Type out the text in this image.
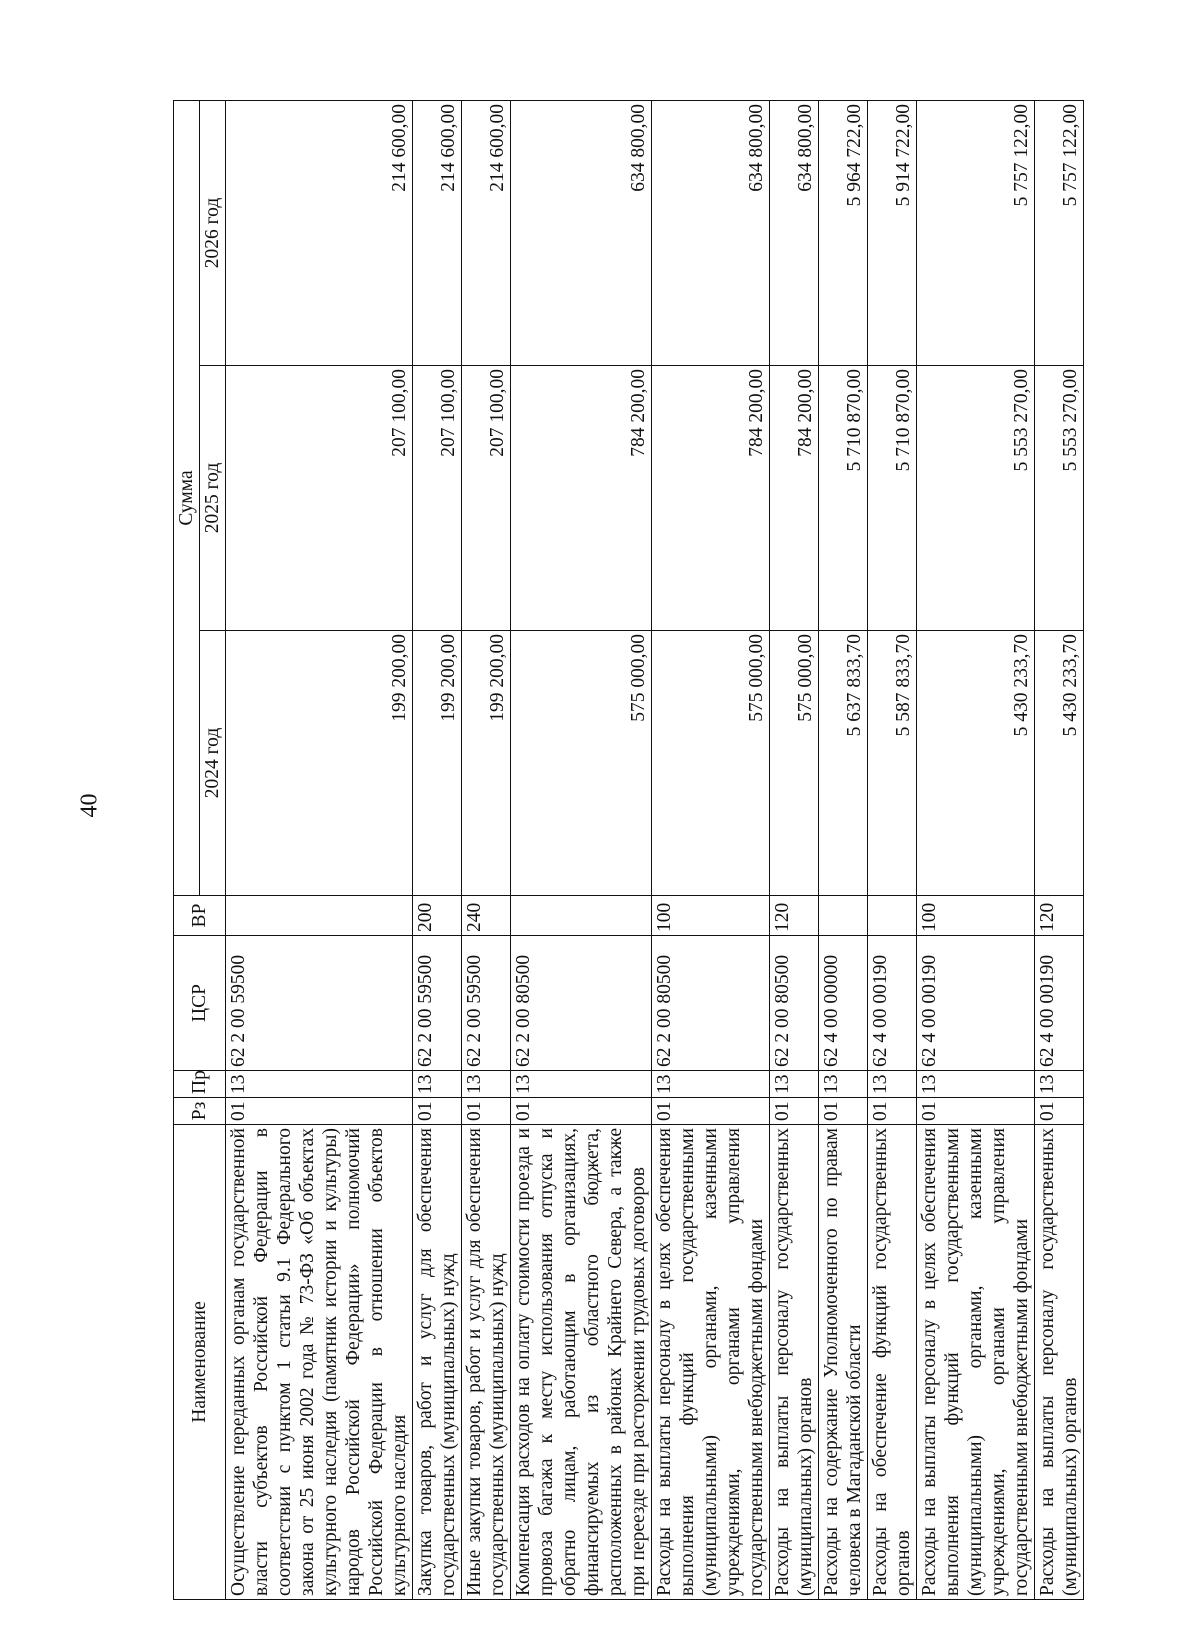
40
Наименование	Рз	Пр	ЦСР	ВР	Сумма		
					2024 год	2025 год	2026 год
Осуществление переданных органам государственной власти субъектов Российской Федерации в соответствии с пунктом 1 статьи 9.1 Федерального закона от 25 июня 2002 года № 73-ФЗ «Об объектах культурного наследия (памятник истории и культуры) народов Российской Федерации» полномочий Российской Федерации в отношении объектов культурного наследия	01	13	62 2 00 59500		199 200,00	207 100,00	214 600,00
Закупка товаров, работ и услуг для обеспечения государственных (муниципальных) нужд	01	13	62 2 00 59500	200	199 200,00	207 100,00	214 600,00
Иные закупки товаров, работ и услуг для обеспечения государственных (муниципальных) нужд	01	13	62 2 00 59500	240	199 200,00	207 100,00	214 600,00
Компенсация расходов на оплату стоимости проезда и провоза багажа к месту использования отпуска и обратно лицам, работающим в организациях, финансируемых из областного бюджета, расположенных в районах Крайнего Севера, а также при переезде при расторжении трудовых договоров	01	13	62 2 00 80500		575 000,00	784 200,00	634 800,00
Расходы на выплаты персоналу в целях обеспечения выполнения функций государственными (муниципальными) органами, казенными учреждениями, органами управления государственными внебюджетными фондами	01	13	62 2 00 80500	100	575 000,00	784 200,00	634 800,00
Расходы на выплаты персоналу государственных (муниципальных) органов	01	13	62 2 00 80500	120	575 000,00	784 200,00	634 800,00
Расходы на содержание Уполномоченного по правам человека в Магаданской области	01	13	62 4 00 00000		5 637 833,70	5 710 870,00	5 964 722,00
Расходы на обеспечение функций государственных органов	01	13	62 4 00 00190		5 587 833,70	5 710 870,00	5 914 722,00
Расходы на выплаты персоналу в целях обеспечения выполнения функций государственными (муниципальными) органами, казенными учреждениями, органами управления государственными внебюджетными фондами	01	13	62 4 00 00190	100	5 430 233,70	5 553 270,00	5 757 122,00
Расходы на выплаты персоналу государственных (муниципальных) органов	01	13	62 4 00 00190	120	5 430 233,70	5 553 270,00	5 757 122,00
